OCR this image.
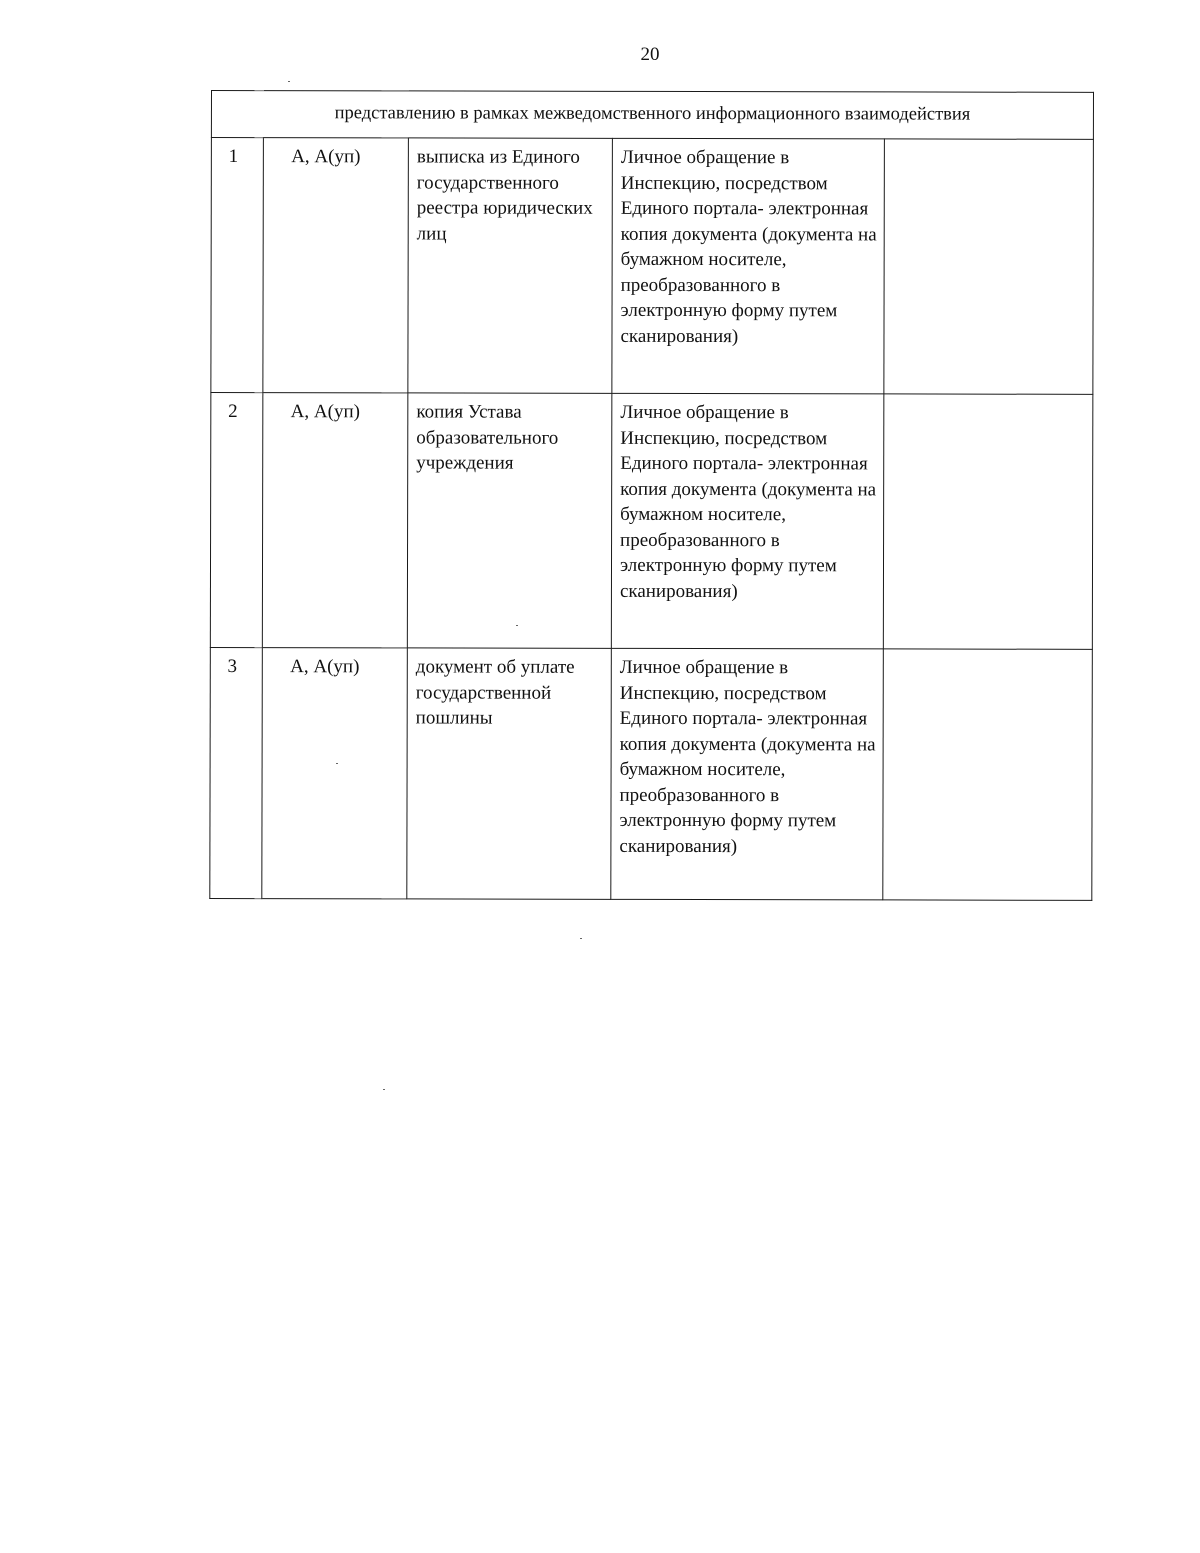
20
представлению в рамках межведомственного информационного взаимодействия				
1	А, А(уп)	выписка из Единого государственного реестра юридических лиц	Личное обращение в Инспекцию, посредством Единого портала- электронная копия документа (документа на бумажном носителе, преобразованного в электронную форму путем сканирования)	
2	А, А(уп)	копия Устава образовательного учреждения	Личное обращение в Инспекцию, посредством Единого портала- электронная копия документа (документа на бумажном носителе, преобразованного в электронную форму путем сканирования)	
3	А, А(уп)	документ об уплате государственной пошлины	Личное обращение в Инспекцию, посредством Единого портала- электронная копия документа (документа на бумажном носителе, преобразованного в электронную форму путем сканирования)	
